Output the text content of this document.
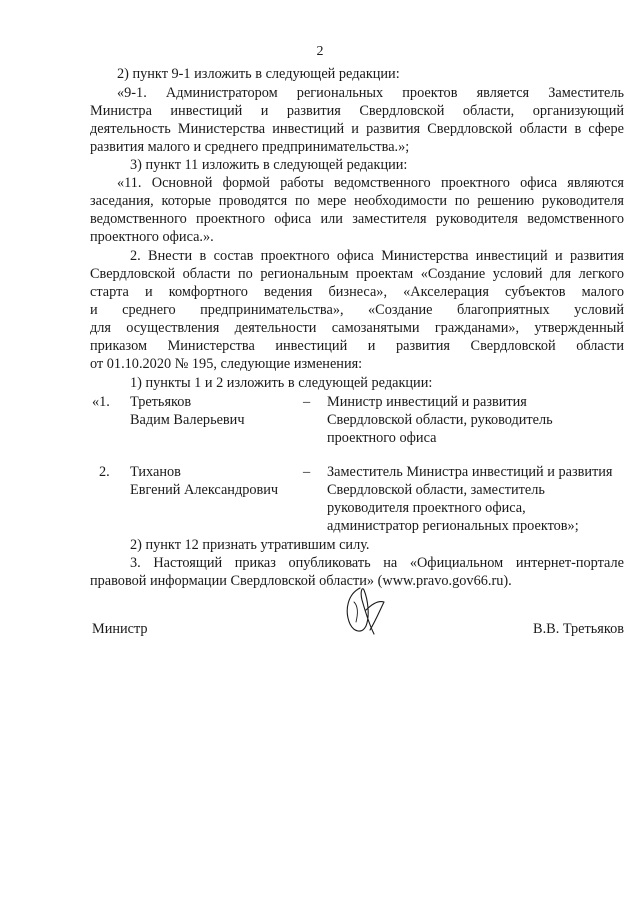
2
2) пункт 9-1 изложить в следующей редакции:
«9-1. Администратором региональных проектов является Заместитель
Министра инвестиций и развития Свердловской области, организующий
деятельность Министерства инвестиций и развития Свердловской области в сфере
развития малого и среднего предпринимательства.»;
3) пункт 11 изложить в следующей редакции:
«11. Основной формой работы ведомственного проектного офиса являются
заседания, которые проводятся по мере необходимости по решению руководителя
ведомственного проектного офиса или заместителя руководителя ведомственного
проектного офиса.».
2. Внести в состав проектного офиса Министерства инвестиций и развития
Свердловской области по региональным проектам «Создание условий для легкого
старта и комфортного ведения бизнеса», «Акселерация субъектов малого
и среднего предпринимательства», «Создание благоприятных условий
для осуществления деятельности самозанятыми гражданами», утвержденный
приказом Министерства инвестиций и развития Свердловской области
от 01.10.2020 № 195, следующие изменения:
1) пункты 1 и 2 изложить в следующей редакции:
«1. Третьяков
Вадим Валерьевич
– Министр инвестиций и развития
Свердловской области, руководитель
проектного офиса
2. Тиханов
Евгений Александрович
– Заместитель Министра инвестиций и развития
Свердловской области, заместитель
руководителя проектного офиса,
администратор региональных проектов»;
2) пункт 12 признать утратившим силу.
3. Настоящий приказ опубликовать на «Официальном интернет-портале
правовой информации Свердловской области» (www.pravo.gov66.ru).
Министр	В.В. Третьяков
